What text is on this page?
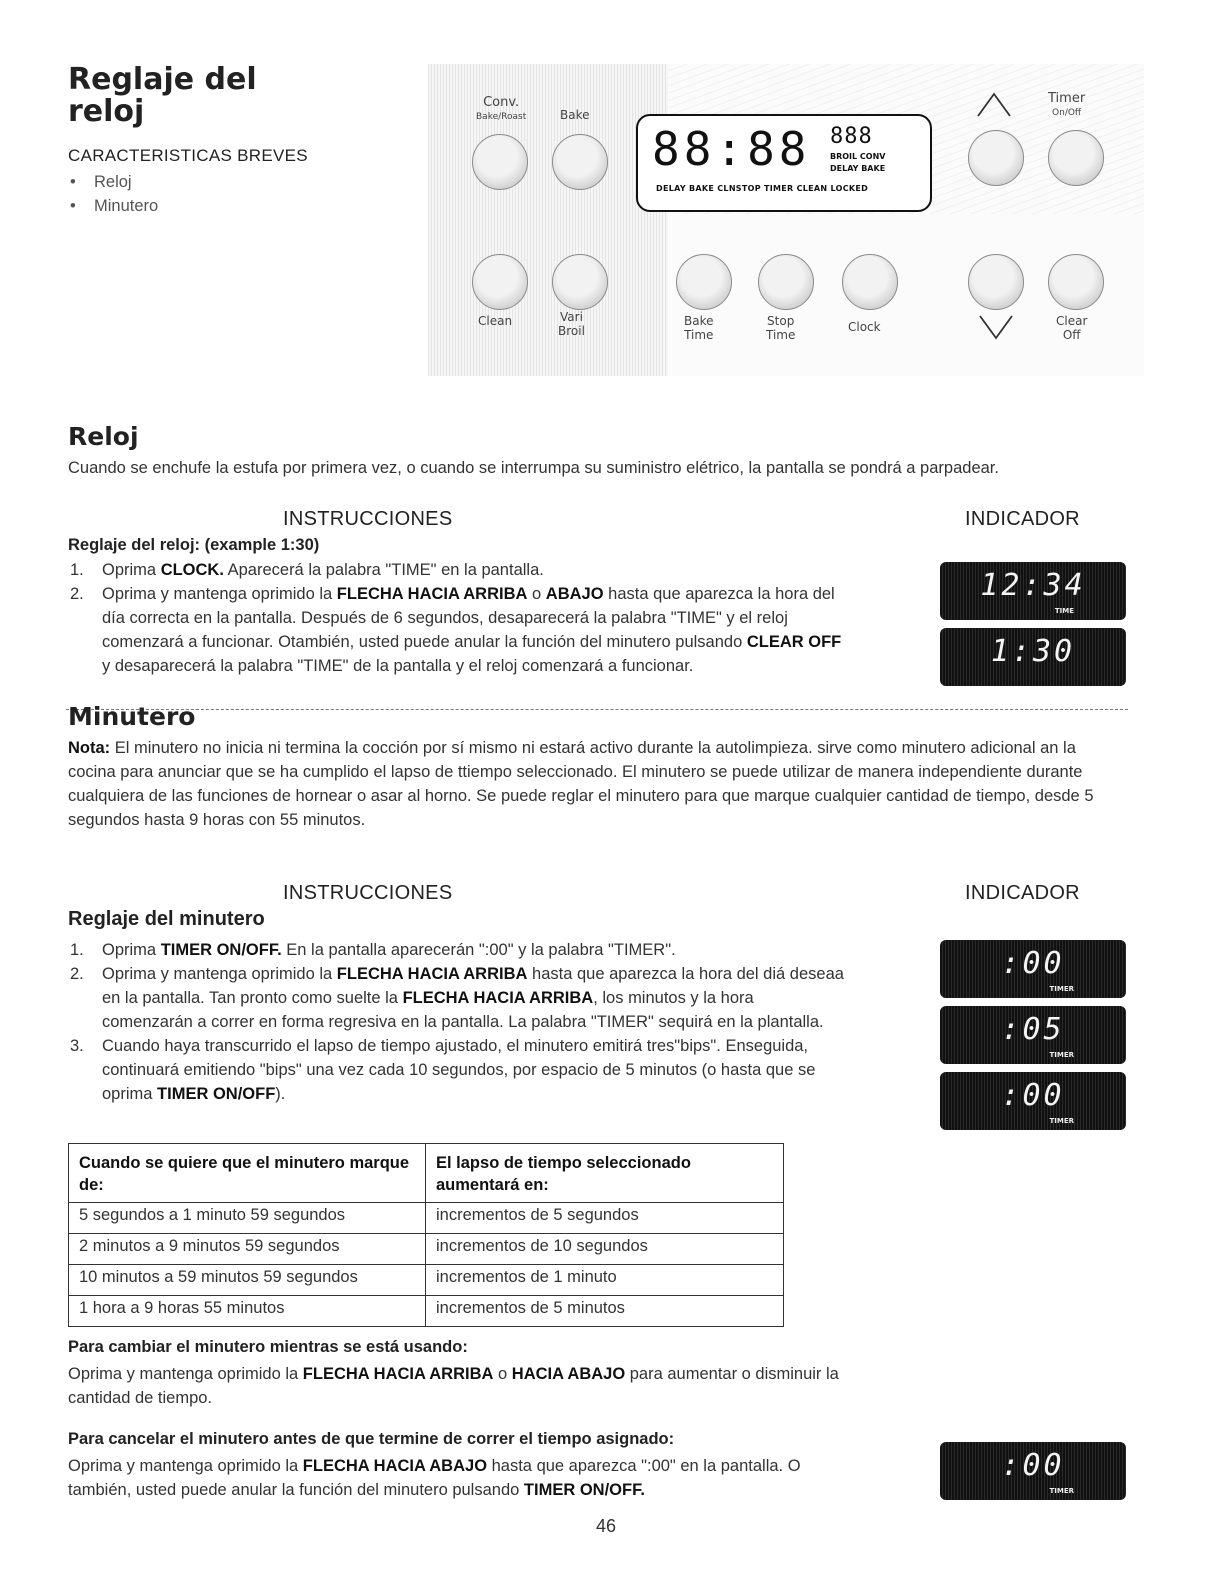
Reglaje del
reloj
CARACTERISTICAS BREVES
• Reloj
• Minutero
Conv.
Bake/Roast	Bake
Clean	Vari
Broil
88:88 888
BROIL CONV
DELAY BAKE
DELAY BAKE CLNSTOP TIMER CLEAN LOCKED
Timer
On/Off
Bake
Time
Stop
Time
Clock	Clear
Off
Reloj
Cuando se enchufe la estufa por primera vez, o cuando se interrumpa su suministro elétrico, la pantalla se pondrá a parpadear.
INSTRUCCIONES	INDICADOR
Reglaje del reloj: (example 1:30)
1. Oprima CLOCK. Aparecerá la palabra "TIME" en la pantalla.
2. Oprima y mantenga oprimido la FLECHA HACIA ARRIBA o ABAJO hasta que aparezca la hora del día correcta en la pantalla. Después de 6 segundos, desaparecerá la palabra "TIME" y el reloj comenzará a funcionar. Otambién, usted puede anular la función del minutero pulsando CLEAR OFF y desaparecerá la palabra "TIME" de la pantalla y el reloj comenzará a funcionar.
12:34
TIME
1:30
Minutero
Nota: El minutero no inicia ni termina la cocción por sí mismo ni estará activo durante la autolimpieza. sirve como minutero adicional an la cocina para anunciar que se ha cumplido el lapso de ttiempo seleccionado. El minutero se puede utilizar de manera independiente durante cualquiera de las funciones de hornear o asar al horno. Se puede reglar el minutero para que marque cualquier cantidad de tiempo, desde 5 segundos hasta 9 horas con 55 minutos.
INSTRUCCIONES	INDICADOR
Reglaje del minutero
1. Oprima TIMER ON/OFF. En la pantalla aparecerán ":00" y la palabra "TIMER".
2. Oprima y mantenga oprimido la FLECHA HACIA ARRIBA hasta que aparezca la hora del diá deseaa en la pantalla. Tan pronto como suelte la FLECHA HACIA ARRIBA, los minutos y la hora comenzarán a correr en forma regresiva en la pantalla. La palabra "TIMER" sequirá en la plantalla.
3. Cuando haya transcurrido el lapso de tiempo ajustado, el minutero emitirá tres"bips". Enseguida, continuará emitiendo "bips" una vez cada 10 segundos, por espacio de 5 minutos (o hasta que se oprima TIMER ON/OFF).
:00
TIMER
:05
TIMER
:00
TIMER
Cuando se quiere que el minutero marque de:	El lapso de tiempo seleccionado aumentará en:
5 segundos a 1 minuto 59 segundos	incrementos de 5 segundos
2 minutos a 9 minutos 59 segundos	incrementos de 10 segundos
10 minutos a 59 minutos 59 segundos	incrementos de 1 minuto
1 hora a 9 horas 55 minutos	incrementos de 5 minutos
Para cambiar el minutero mientras se está usando:
Oprima y mantenga oprimido la FLECHA HACIA ARRIBA o HACIA ABAJO para aumentar o disminuir la cantidad de tiempo.
Para cancelar el minutero antes de que termine de correr el tiempo asignado:
Oprima y mantenga oprimido la FLECHA HACIA ABAJO hasta que aparezca ":00" en la pantalla. O también, usted puede anular la función del minutero pulsando TIMER ON/OFF.
:00
TIMER
46
